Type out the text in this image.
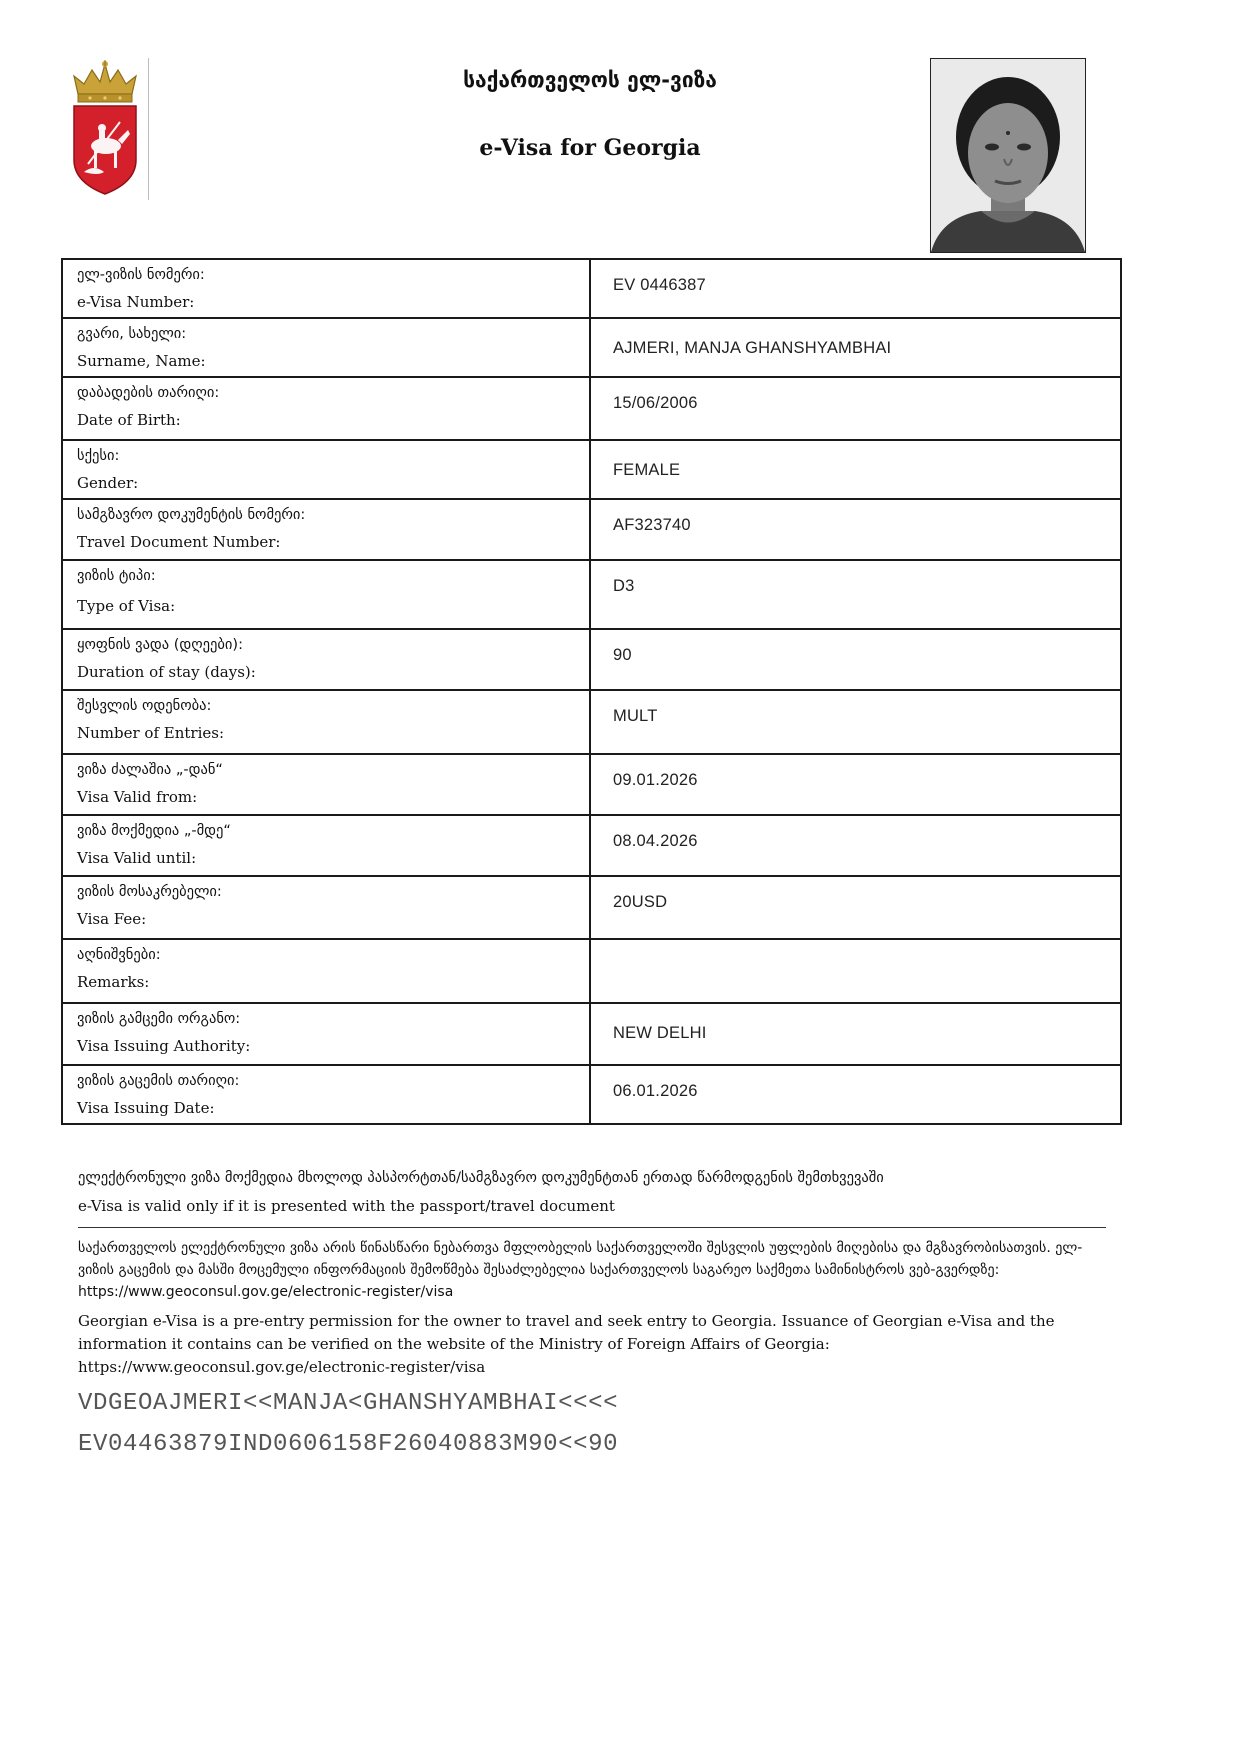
საქართველოს ელ-ვიზა
e-Visa for Georgia
ელ-ვიზის ნომერი:
e-Visa Number:	EV 0446387

გვარი, სახელი:
Surname, Name:	AJMERI, MANJA GHANSHYAMBHAI

დაბადების თარიღი:
Date of Birth:	15/06/2006

სქესი:
Gender:	FEMALE

სამგზავრო დოკუმენტის ნომერი:
Travel Document Number:	AF323740

ვიზის ტიპი:
Type of Visa:	D3

ყოფნის ვადა (დღეები):
Duration of stay (days):	90

შესვლის ოდენობა:
Number of Entries:	MULT

ვიზა ძალაშია „-დან“
Visa Valid from:	09.01.2026

ვიზა მოქმედია „-მდე“
Visa Valid until:	08.04.2026

ვიზის მოსაკრებელი:
Visa Fee:	20USD

აღნიშვნები:
Remarks:	

ვიზის გამცემი ორგანო:
Visa Issuing Authority:	NEW DELHI

ვიზის გაცემის თარიღი:
Visa Issuing Date:	06.01.2026
ელექტრონული ვიზა მოქმედია მხოლოდ პასპორტთან/სამგზავრო დოკუმენტთან ერთად წარმოდგენის შემთხვევაში
e-Visa is valid only if it is presented with the passport/travel document
საქართველოს ელექტრონული ვიზა არის წინასწარი ნებართვა მფლობელის საქართველოში შესვლის უფლების მიღებისა და მგზავრობისათვის. ელ-ვიზის გაცემის და მასში მოცემული ინფორმაციის შემოწმება შესაძლებელია საქართველოს საგარეო საქმეთა სამინისტროს ვებ-გვერდზე: https://www.geoconsul.gov.ge/electronic-register/visa
Georgian e-Visa is a pre-entry permission for the owner to travel and seek entry to Georgia. Issuance of Georgian e-Visa and the information it contains can be verified on the website of the Ministry of Foreign Affairs of Georgia: https://www.geoconsul.gov.ge/electronic-register/visa
VDGEOAJMERI<<MANJA<GHANSHYAMBHAI<<<<
EV04463879IND0606158F26040883M90<<90
